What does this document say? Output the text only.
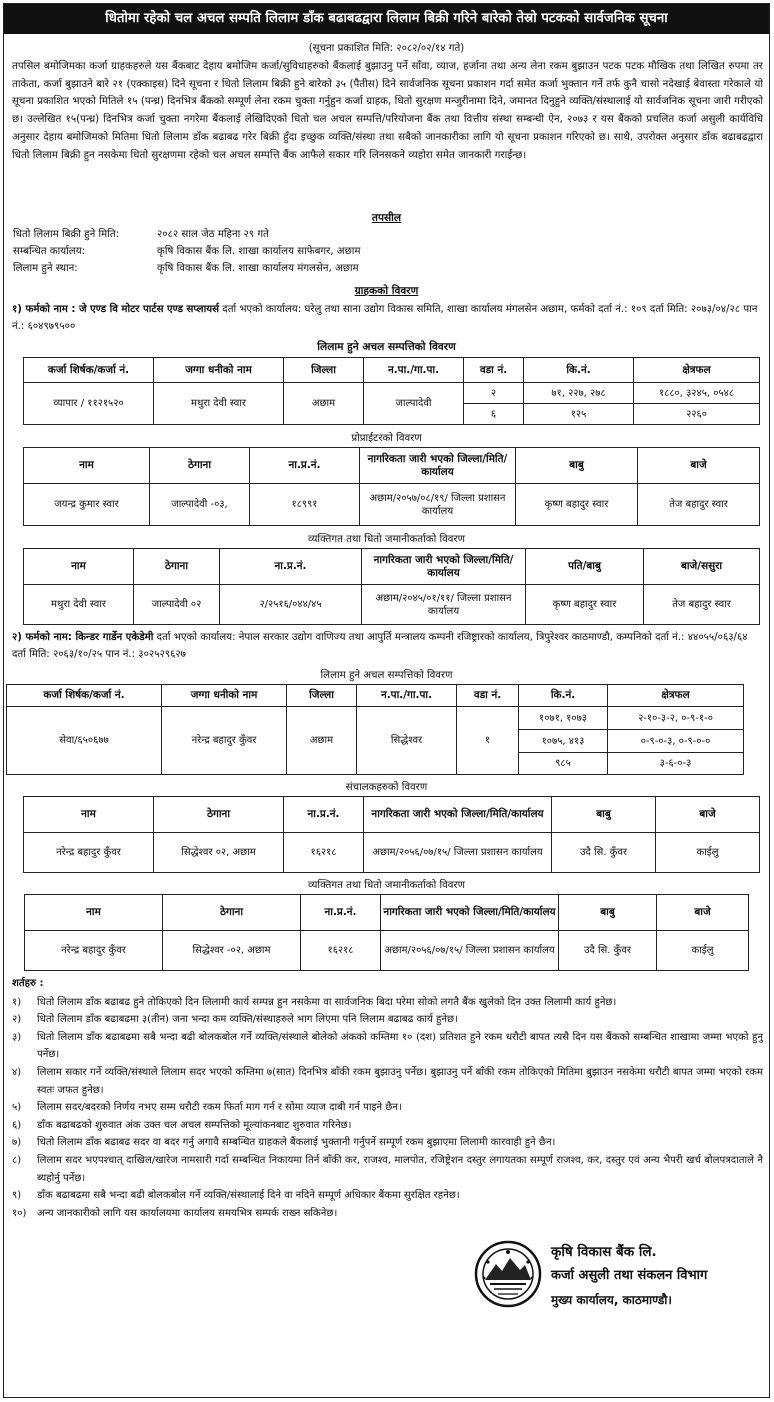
धितोमा रहेको चल अचल सम्पति लिलाम डाँक बढाबढद्वारा लिलाम बिक्री गरिने बारेको तेस्रो पटकको सार्वजनिक सूचना
(सूचना प्रकाशित मिति: २०८२/०२/१४ गते)
तपसिल बमोजिमका कर्जा ग्राहकहरुले यस बैंकबाट देहाय बमोजिम कर्जा/सुविधाहरुको बैंकलाई बुझाउनु पर्ने साँवा, व्याज, हर्जाना तथा अन्य लेना रकम बुझाउन पटक पटक मौखिक तथा लिखित रुपमा तर ताकेता, कर्जा बुझाउने बारे २१ (एक्काइस) दिने सूचना र धितो लिलाम बिक्री हुने बारेको ३५ (पैतीस) दिने सार्वजनिक सूचना प्रकाशन गर्दा समेत कर्जा भुक्तान गर्ने तर्फ कुनै चासो नदेखाई बेवास्ता गरेकाले यो सूचना प्रकाशित भएको मितिले १५ (पन्ध्र) दिनभित्र बैंकको सम्पूर्ण लेना रकम चुक्ता गर्नुहुन कर्जा ग्राहक, धितो सुरक्षण मन्जुरीनामा दिने, जमानत दिनुहुने व्यक्ति/संस्थालाई यो सार्वजनिक सूचना जारी गरीएको छ। उल्लेखित १५(पन्ध्र) दिनभित्र कर्जा चुक्ता नगरेमा बैंकलाई लेखिदिएको धितो चल अचल सम्पत्ति/परियोजना बैंक तथा वित्तीय संस्था सम्बन्धी ऐन, २०७३ र यस बैंकको प्रचलित कर्जा असुली कार्यविधि अनुसार देहाय बमोजिमको मितिमा धितो लिलाम डाँक बढाबढ गरेर बिक्री हुँदा इच्छुक व्यक्ति/संस्था तथा सबैको जानकारीका लागि यो सूचना प्रकाशन गरिएको छ। साथै, उपरोक्त अनुसार डाँक बढाबढद्वारा धितो लिलाम बिक्री हुन नसकेमा धितो सुरक्षणमा रहेको चल अचल सम्पत्ति बैंक आफैले सकार गरि लिनसकने व्यहोरा समेत जानकारी गराईन्छ।
तपसील
धितो लिलाम बिक्री हुने मिति:	२०८२ साल जेठ महिना २९ गते
सम्बन्धित कार्यालय:	कृषि विकास बैंक लि. शाखा कार्यालय साफेबगर, अछाम
लिलाम हुने स्थान:	कृषि विकास बैंक लि. शाखा कार्यालय मंगलसेन, अछाम
ग्राहकको विवरण
१) फर्मको नाम : जे एण्ड वि मोटर पार्टस एण्ड सप्लायर्स दर्ता भएको कार्यालय: घरेलु तथा साना उद्योग विकास समिति, शाखा कार्यालय मंगलसेन अछाम, फर्मको दर्ता नं.: १०९ दर्ता मिति: २०७३/०४/२८ पान नं.: ६०४९७९५००
लिलाम हुने अचल सम्पत्तिको विवरण
कर्जा शिर्षक/कर्जा नं.	जग्गा धनीको नाम	जिल्ला	न.पा./गा.पा.	वडा नं.	कि.नं.	क्षेत्रफल
व्यापार / ११२१५२०	मथुरा देवी स्वार	अछाम	जाल्पादेवी	२	७१, २२७, २७८	१८८०, ३२४५, ०५४८
				६	१२५	२२६०
प्रोप्राईटरको विवरण
नाम	ठेगाना	ना.प्र.नं.	नागरिकता जारी भएको जिल्ला/मिति/कार्यालय	बाबु	बाजे
जयन्द्र कुमार स्वार	जाल्पादेवी -०३,	१८९९१	अछाम/२०५७/०८/१९/ जिल्ला प्रशासन कार्यालय	कृष्ण बहादुर स्वार	तेज बहादुर स्वार
व्यक्तिगत तथा धितो जमानीकर्ताको विवरण
नाम	ठेगाना	ना.प्र.नं.	नागरिकता जारी भएको जिल्ला/मिति/कार्यालय	पति/बाबु	बाजे/ससुरा
मथुरा देवी स्वार	जाल्पादेवी ०२	२/२५१६/०४४/४५	अछाम/२०४५/०१/११/ जिल्ला प्रशासन कार्यालय	कृष्ण बहादुर स्वार	तेज बहादुर स्वार
२) फर्मको नाम: किन्डर गार्डेन एकेडेमी दर्ता भएको कार्यालय: नेपाल सरकार उद्योग वाणिज्य तथा आपुर्ति मन्त्रालय कम्पनी रजिष्ट्रारको कार्यालय, त्रिपुरेश्वर काठमाण्डौ, कम्पनिको दर्ता नं.: ४४०५५/०६३/६४ दर्ता मिति: २०६३/१०/२५ पान नं.: ३०२५२९६२७
लिलाम हुने अचल सम्पत्तिको विवरण
कर्जा शिर्षक/कर्जा नं.	जग्गा धनीको नाम	जिल्ला	न.पा./गा.पा.	वडा नं.	कि.नं.	क्षेत्रफल
सेवा/६५०६७७	नरेन्द्र बहादुर कुँवर	अछाम	सिद्धेश्वर	१	१०७१, १०७३	२-१०-३-२, ०-९-१-०
					१०७५, ४१३	०-९-०-३, ०-९-०-०
					९८५	३-६-०-३
संचालकहरुको विवरण
नाम	ठेगाना	ना.प्र.नं.	नागरिकता जारी भएको जिल्ला/मिति/कार्यालय	बाबु	बाजे
नरेन्द्र बहादुर कुँवर	सिद्धेश्वर ०२, अछाम	१६२१८	अछाम/२०५६/०७/१५/ जिल्ला प्रशासन कार्यालय	उदै सि. कुँवर	काईलु
व्यक्तिगत तथा धितो जमानीकर्ताको विवरण
नाम	ठेगाना	ना.प्र.नं.	नागरिकता जारी भएको जिल्ला/मिति/कार्यालय	बाबु	बाजे
नरेन्द्र बहादुर कुँवर	सिद्धेश्वर -०२, अछाम	१६२१८	अछाम/२०५६/०७/१५/ जिल्ला प्रशासन कार्यालय	उदै सि. कुँवर	काईलु
शर्तहरु :
१)	धितो लिलाम डाँक बढाबढ हुने तोकिएको दिन लिलामी कार्य सम्पन्न हुन नसकेमा वा सार्वजनिक बिदा परेमा सोको लगतै बैंक खुलेको दिन उक्त लिलामी कार्य हुनेछ।
२)	धितो लिलाम डाँक बढाबढमा ३(तीन) जना भन्दा कम व्यक्ति/संस्थाहरुले भाग लिएमा पनि लिलाम बढाबढ कार्य हुनेछ।
३)	धितो लिलाम डाँक बढाबढमा सबै भन्दा बढी बोलकबोल गर्ने व्यक्ति/संस्थाले बोलेको अंकको कम्तिमा १० (दश) प्रतिशत हुने रकम धरौटी बापत त्यसै दिन यस बैंकको सम्बन्धित शाखामा जम्मा भएको हुनु पर्नेछ।
४)	लिलाम सकार गर्ने व्यक्ति/संस्थाले लिलाम सदर भएको कम्तिमा ७(सात) दिनभित्र बाँकी रकम बुझाउनु पर्नेछ। बुझाउनु पर्ने बाँकी रकम तोकिएको मितिमा बुझाउन नसकेमा धरौटी बापत जम्मा भएको रकम स्वतः जफत हुनेछ।
५)	लिलाम सदर/बदरको निर्णय नभए सम्म धरौटी रकम फिर्ता माग गर्न र सोमा व्याज दाबी गर्न पाइने छैन।
६)	डाँक बढाबढको शुरुवात अंक उक्त चल अचल सम्पत्तिको मूल्यांकनबाट शुरुवात गरिनेछ।
७)	धितो लिलाम डाँक बढाबढ सदर वा बदर गर्नु अगावै सम्बन्धित ग्राहकले बैंकलाई भुक्तानी गर्नुपर्ने सम्पूर्ण रकम बुझाएमा लिलामी कारवाही हुने छैन।
८)	लिलाम सदर भएपश्चात् दाखिल/खारेज नामसारी गर्दा सम्बन्धित निकायमा तिर्न बाँकी कर, राजश्व, मालपोत, रजिष्ट्रेशन दस्तुर लगायतका सम्पूर्ण राजश्व, कर, दस्तुर एवं अन्य भैपरी खर्च बोलपत्रदाताले नै ब्यहोर्नु पर्नेछ।
९)	डाँक बढाबढमा सबै भन्दा बढी बोलकबोल गर्ने व्यक्ति/संस्थालाई दिने वा नदिने सम्पूर्ण अधिकार बैंकमा सुरक्षित रहनेछ।
१०)	अन्य जानकारीको लागि यस कार्यालयमा कार्यालय समयभित्र सम्पर्क राख्न सकिनेछ।
कृषि विकास बैंक लि.
कर्जा असुली तथा संकलन विभाग
मुख्य कार्यालय, काठमाण्डौ।
